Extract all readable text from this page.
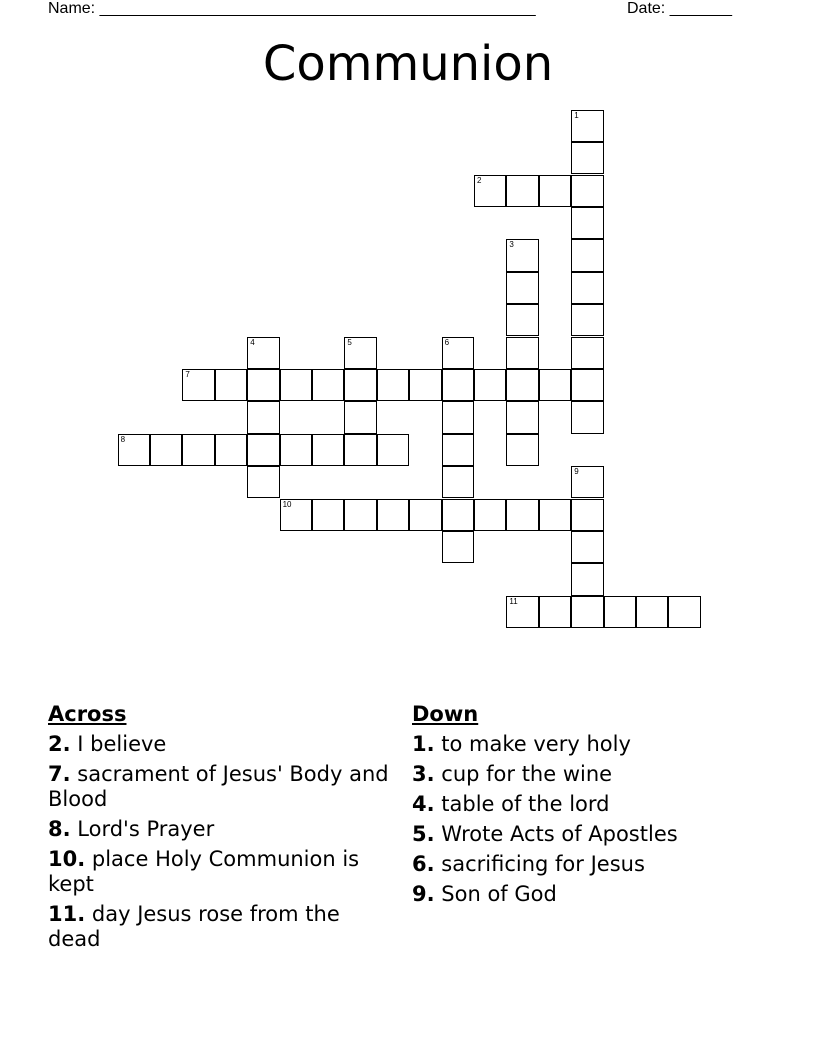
Name: _________________________________________________	Date: _______
Communion
1
2
3
4	5	6
7
8
9
10
11
Across
2. I believe
7. sacrament of Jesus' Body and Blood
8. Lord's Prayer
10. place Holy Communion is kept
11. day Jesus rose from the dead
Down
1. to make very holy
3. cup for the wine
4. table of the lord
5. Wrote Acts of Apostles
6. sacrificing for Jesus
9. Son of God
